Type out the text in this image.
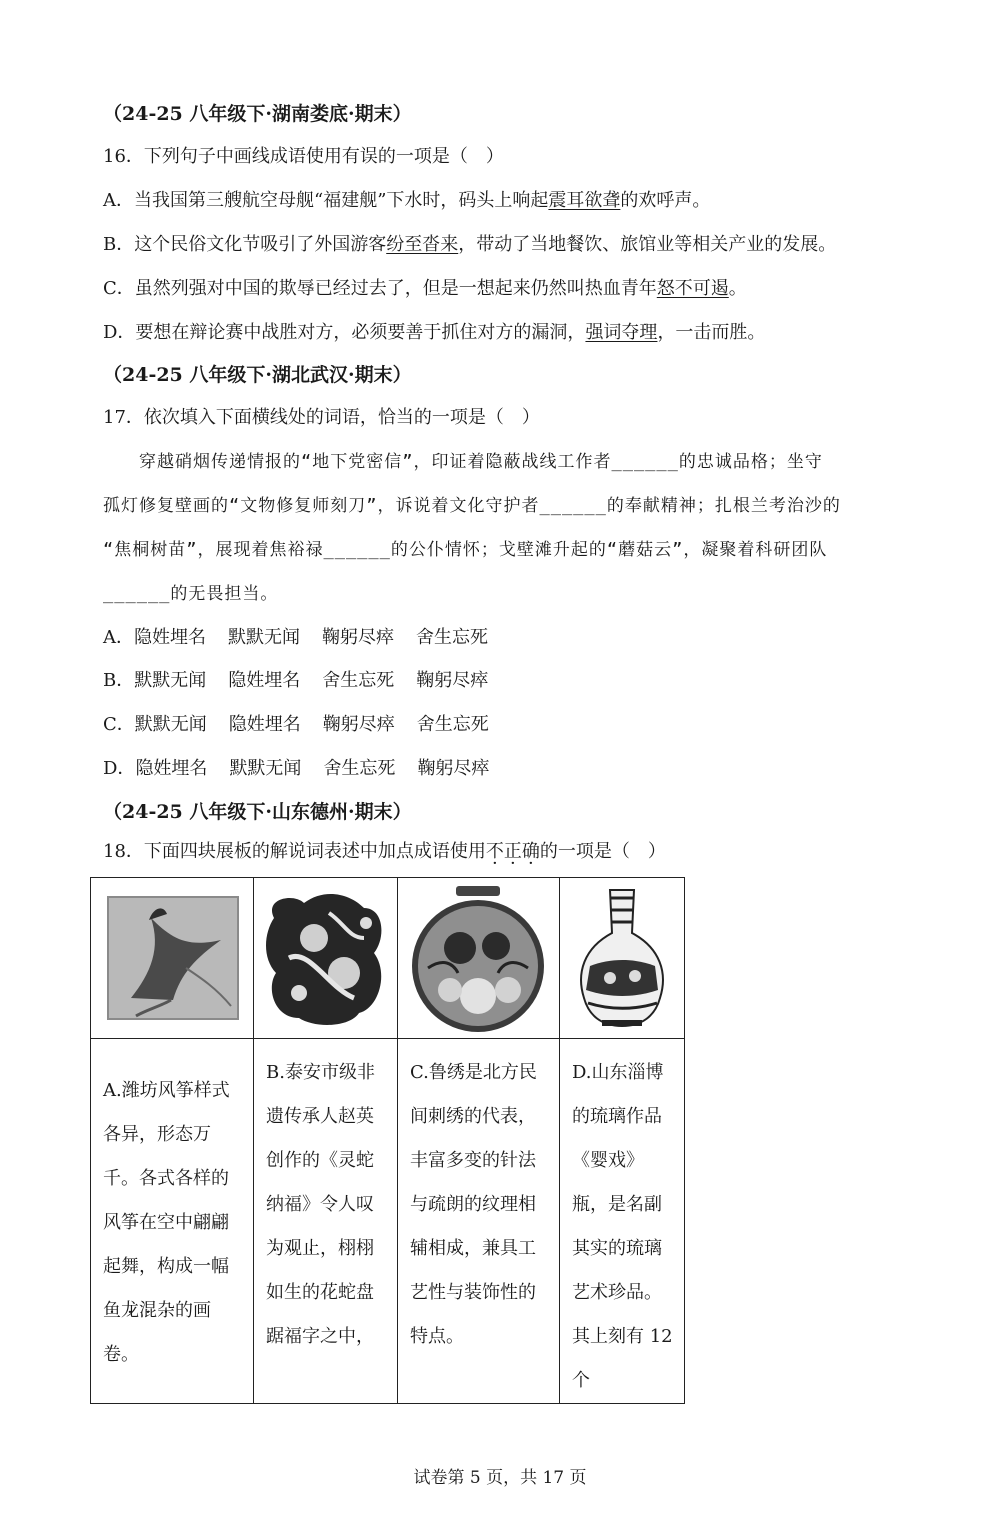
（24-25 八年级下·湖南娄底·期末）
16．下列句子中画线成语使用有误的一项是（　）
A．当我国第三艘航空母舰“福建舰”下水时，码头上响起震耳欲聋的欢呼声。
B．这个民俗文化节吸引了外国游客纷至沓来，带动了当地餐饮、旅馆业等相关产业的发展。
C．虽然列强对中国的欺辱已经过去了，但是一想起来仍然叫热血青年怒不可遏。
D．要想在辩论赛中战胜对方，必须要善于抓住对方的漏洞，强词夺理，一击而胜。
（24-25 八年级下·湖北武汉·期末）
17．依次填入下面横线处的词语，恰当的一项是（　）
　　穿越硝烟传递情报的“地下党密信”，印证着隐蔽战线工作者______的忠诚品格；坐守
孤灯修复壁画的“文物修复师刻刀”，诉说着文化守护者______的奉献精神；扎根兰考治沙的
“焦桐树苗”，展现着焦裕禄______的公仆情怀；戈壁滩升起的“蘑菇云”，凝聚着科研团队
______的无畏担当。
A．隐姓埋名 默默无闻 鞠躬尽瘁 舍生忘死
B．默默无闻 隐姓埋名 舍生忘死 鞠躬尽瘁
C．默默无闻 隐姓埋名 鞠躬尽瘁 舍生忘死
D．隐姓埋名 默默无闻 舍生忘死 鞠躬尽瘁
（24-25 八年级下·山东德州·期末）
18．下面四块展板的解说词表述中加点成语使用不正确的一项是（　）

A.潍坊风筝样式各异，形态万千。各式各样的风筝在空中翩翩起舞，构成一幅鱼 ·龙 ·混 ·杂 ·的画卷。	B.泰安市级非遗传承人赵英创作的《灵蛇纳福》令人叹 ·为 ·观 ·止 ·，栩栩如生的花蛇盘踞福字之中，	C.鲁绣是北方民间刺绣的代表，丰富多变的针法与疏朗的纹理相 ·辅 ·相 ·成 ·，兼具工艺性与装饰性的特点。	D.山东淄博的琉璃作品《婴戏》瓶，是名 ·副 ·其 ·实 ·的琉璃艺术珍品。其上刻有 12 个
试卷第 5 页，共 17 页
